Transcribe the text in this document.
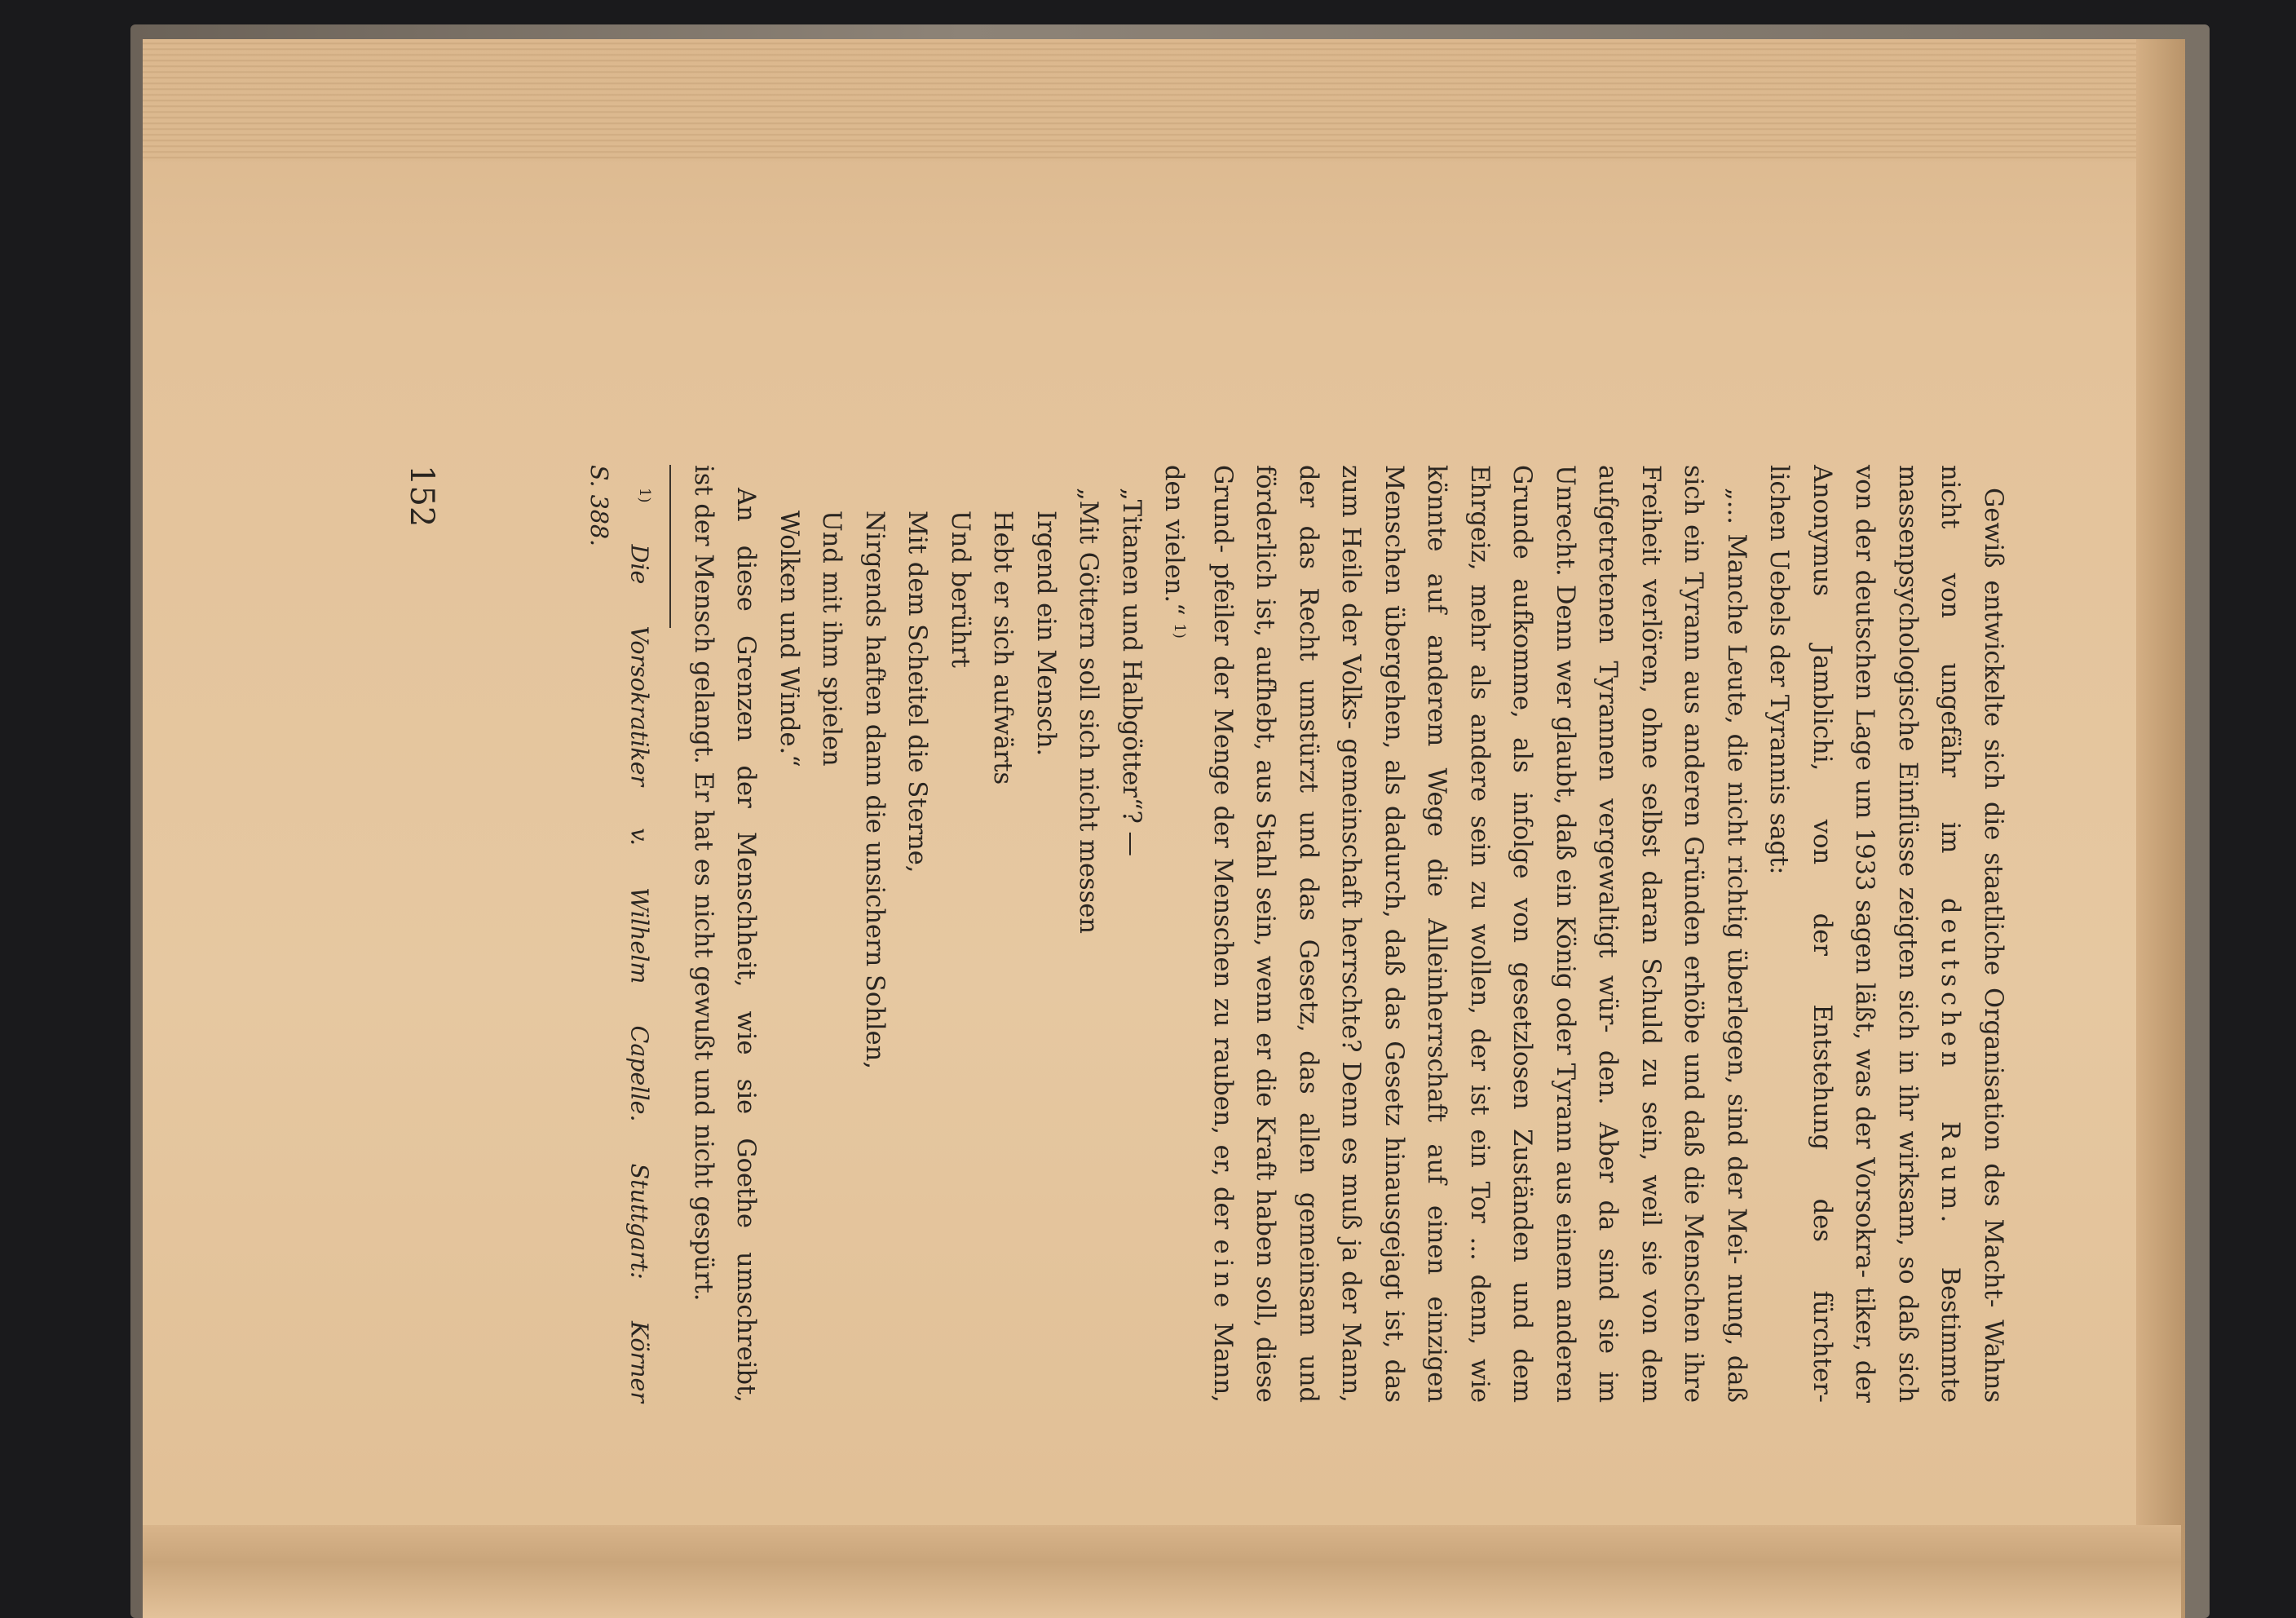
Gewiß entwickelte sich die staatliche Organisation des Macht- Wahns nicht von ungefähr im deutschen Raum. Bestimmte massenpsychologische Einflüsse zeigten sich in ihr wirksam, so daß sich von der deutschen Lage um 1933 sagen läßt, was der Vorsokra- tiker, der Anonymus Jamblichi, von der Entstehung des fürchter-

lichen Uebels der Tyrannis sagt:

„... Manche Leute, die nicht richtig überlegen, sind der Mei- nung, daß sich ein Tyrann aus anderen Gründen erhöbe und daß die Menschen ihre Freiheit verlören, ohne selbst daran Schuld zu sein, weil sie von dem aufgetretenen Tyrannen vergewaltigt wür- den. Aber da sind sie im Unrecht. Denn wer glaubt, daß ein König oder Tyrann aus einem anderen Grunde aufkomme, als infolge von gesetzlosen Zuständen und dem Ehrgeiz, mehr als andere sein zu wollen, der ist ein Tor ... denn, wie könnte auf anderem Wege die Alleinherrschaft auf einen einzigen Menschen übergehen, als dadurch, daß das Gesetz hinausgejagt ist, das zum Heile der Volks- gemeinschaft herrschte? Denn es muß ja der Mann, der das Recht umstürzt und das Gesetz, das allen gemeinsam und förderlich ist, aufhebt, aus Stahl sein, wenn er die Kraft haben soll, diese Grund- pfeiler der Menge der Menschen zu rauben, er, der eine Mann,

den vielen.“ $^{1)}$

„Titanen und Halbgötter“? —

„Mit Göttern soll sich nicht messen

Irgend ein Mensch.

Hebt er sich aufwärts

Und berührt

Mit dem Scheitel die Sterne,

Nirgends haften dann die unsichern Sohlen,

Und mit ihm spielen

Wolken und Winde.“

An diese Grenzen der Menschheit, wie sie Goethe umschreibt,

ist der Mensch gelangt. Er hat es nicht gewußt und nicht gespürt.

$^{1)}$ Die Vorsokratiker v. Wilhelm Capelle. Stuttgart: Körner

S. 388.

152
